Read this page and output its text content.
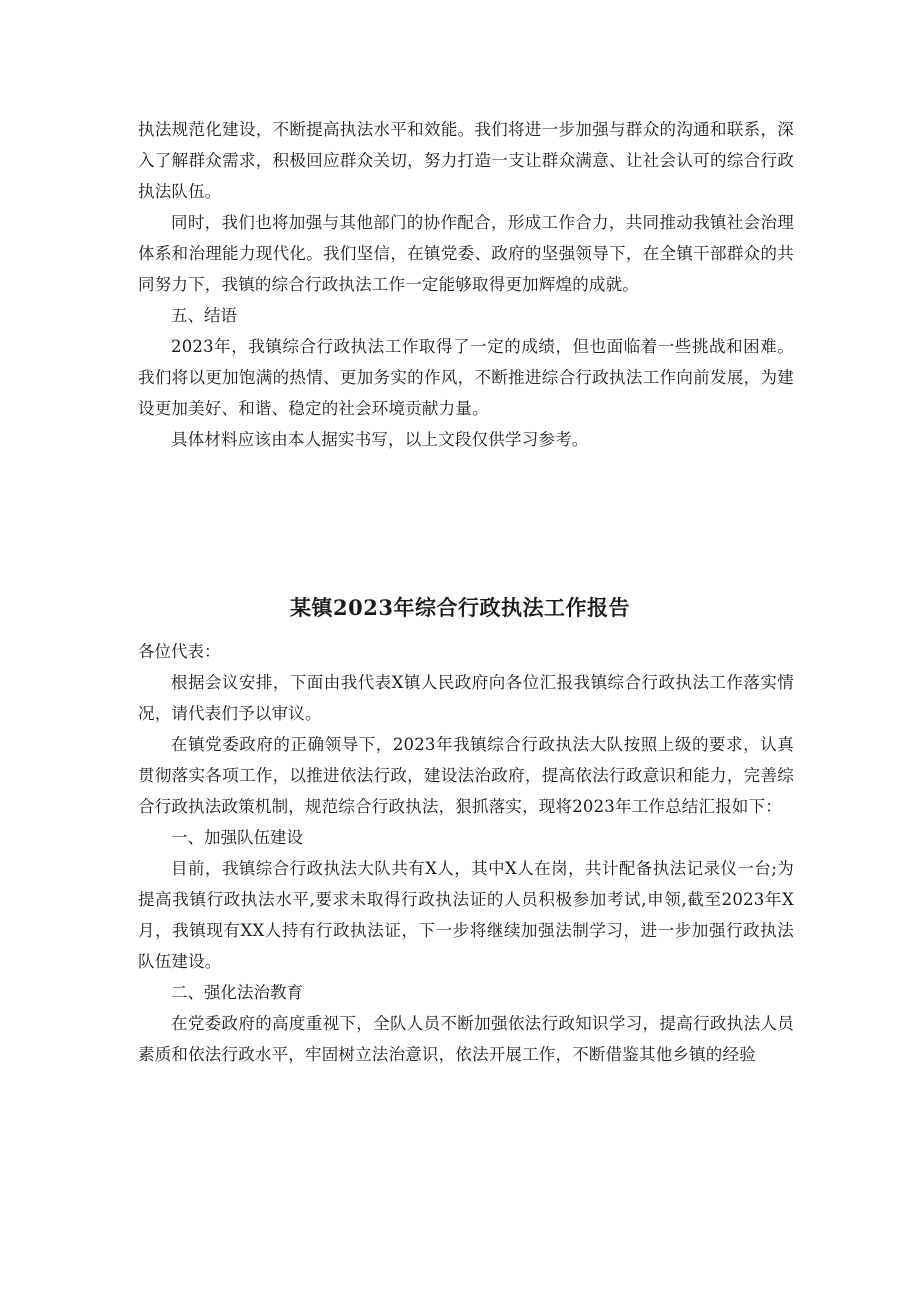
执法规范化建设，不断提高执法水平和效能。我们将进一步加强与群众的沟通和联系，深入了解群众需求，积极回应群众关切，努力打造一支让群众满意、让社会认可的综合行政执法队伍。

同时，我们也将加强与其他部门的协作配合，形成工作合力，共同推动我镇社会治理体系和治理能力现代化。我们坚信，在镇党委、政府的坚强领导下，在全镇干部群众的共同努力下，我镇的综合行政执法工作一定能够取得更加辉煌的成就。

五、结语

2023年，我镇综合行政执法工作取得了一定的成绩，但也面临着一些挑战和困难。我们将以更加饱满的热情、更加务实的作风，不断推进综合行政执法工作向前发展，为建设更加美好、和谐、稳定的社会环境贡献力量。

具体材料应该由本人据实书写，以上文段仅供学习参考。

某镇2023年综合行政执法工作报告

各位代表：

根据会议安排，下面由我代表X镇人民政府向各位汇报我镇综合行政执法工作落实情况，请代表们予以审议。

在镇党委政府的正确领导下，2023年我镇综合行政执法大队按照上级的要求，认真贯彻落实各项工作，以推进依法行政，建设法治政府，提高依法行政意识和能力，完善综合行政执法政策机制，规范综合行政执法，狠抓落实，现将2023年工作总结汇报如下：

一、加强队伍建设

目前，我镇综合行政执法大队共有X人，其中X人在岗，共计配备执法记录仪一台;为提高我镇行政执法水平,要求未取得行政执法证的人员积极参加考试,申领,截至2023年X月，我镇现有XX人持有行政执法证，下一步将继续加强法制学习，进一步加强行政执法队伍建设。

二、强化法治教育

在党委政府的高度重视下，全队人员不断加强依法行政知识学习，提高行政执法人员素质和依法行政水平，牢固树立法治意识，依法开展工作，不断借鉴其他乡镇的经验
